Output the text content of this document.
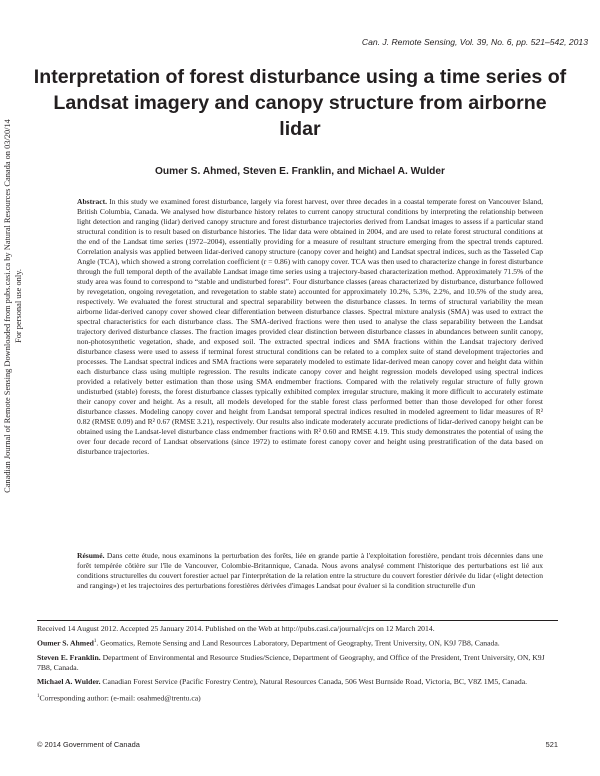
Canadian Journal of Remote Sensing Downloaded from pubs.casi.ca by Natural Resources Canada on 03/20/14 For personal use only.
Can. J. Remote Sensing, Vol. 39, No. 6, pp. 521–542, 2013
Interpretation of forest disturbance using a time series of Landsat imagery and canopy structure from airborne lidar
Oumer S. Ahmed, Steven E. Franklin, and Michael A. Wulder

Abstract. In this study we examined forest disturbance, largely via forest harvest, over three decades in a coastal temperate forest on Vancouver Island, British Columbia, Canada. We analysed how disturbance history relates to current canopy structural conditions by interpreting the relationship between light detection and ranging (lidar) derived canopy structure and forest disturbance trajectories derived from Landsat images to assess if a particular stand structural condition is to result based on disturbance histories. The lidar data were obtained in 2004, and are used to relate forest structural conditions at the end of the Landsat time series (1972–2004), essentially providing for a measure of resultant structure emerging from the spectral trends captured. Correlation analysis was applied between lidar-derived canopy structure (canopy cover and height) and Landsat spectral indices, such as the Tasseled Cap Angle (TCA), which showed a strong correlation coefficient (r = 0.86) with canopy cover. TCA was then used to characterize change in forest disturbance through the full temporal depth of the available Landsat image time series using a trajectory-based characterization method. Approximately 71.5% of the study area was found to correspond to “stable and undisturbed forest”. Four disturbance classes (areas characterized by disturbance, disturbance followed by revegetation, ongoing revegetation, and revegetation to stable state) accounted for approximately 10.2%, 5.3%, 2.2%, and 10.5% of the study area, respectively. We evaluated the forest structural and spectral separability between the disturbance classes. In terms of structural variability the mean airborne lidar-derived canopy cover showed clear differentiation between disturbance classes. Spectral mixture analysis (SMA) was used to extract the spectral characteristics for each disturbance class. The SMA-derived fractions were then used to analyse the class separability between the Landsat trajectory derived disturbance classes. The fraction images provided clear distinction between disturbance classes in abundances between sunlit canopy, non-photosynthetic vegetation, shade, and exposed soil. The extracted spectral indices and SMA fractions within the Landsat trajectory derived disturbance clasess were used to assess if terminal forest structural conditions can be related to a complex suite of stand development trajectories and processes. The Landsat spectral indices and SMA fractions were separately modeled to estimate lidar-derived mean canopy cover and height data within each disturbance class using multiple regression. The results indicate canopy cover and height regression models developed using spectral indices provided a relatively better estimation than those using SMA endmember fractions. Compared with the relatively regular structure of fully grown undisturbed (stable) forests, the forest disturbance classes typically exhibited complex irregular structure, making it more difficult to accurately estimate their canopy cover and height. As a result, all models developed for the stable forest class performed better than those developed for other forest disturbance classes. Modeling canopy cover and height from Landsat temporal spectral indices resulted in modeled agreement to lidar measures of R² 0.82 (RMSE 0.09) and R² 0.67 (RMSE 3.21), respectively. Our results also indicate moderately accurate predictions of lidar-derived canopy height can be obtained using the Landsat-level disturbance class endmember fractions with R² 0.60 and RMSE 4.19. This study demonstrates the potential of using the over four decade record of Landsat observations (since 1972) to estimate forest canopy cover and height using prestratification of the data based on disturbance trajectories.

Résumé. Dans cette étude, nous examinons la perturbation des forêts, liée en grande partie à l'exploitation forestière, pendant trois décennies dans une forêt tempérée côtière sur l'île de Vancouver, Colombie-Britannique, Canada. Nous avons analysé comment l'historique des perturbations est lié aux conditions structurelles du couvert forestier actuel par l'interprétation de la relation entre la structure du couvert forestier dérivée du lidar («light detection and ranging») et les trajectoires des perturbations forestières dérivées d'images Landsat pour évaluer si la condition structurelle d'un

Received 14 August 2012. Accepted 25 January 2014. Published on the Web at http://pubs.casi.ca/journal/cjrs on 12 March 2014.

Oumer S. Ahmed$^1$. Geomatics, Remote Sensing and Land Resources Laboratory, Department of Geography, Trent University, ON, K9J 7B8, Canada.

Steven E. Franklin. Department of Environmental and Resource Studies/Science, Department of Geography, and Office of the President, Trent University, ON, K9J 7B8, Canada.

Michael A. Wulder. Canadian Forest Service (Pacific Forestry Centre), Natural Resources Canada, 506 West Burnside Road, Victoria, BC, V8Z 1M5, Canada.

$^1$Corresponding author: (e-mail: osahmed@trentu.ca)

© 2014 Government of Canada	521
